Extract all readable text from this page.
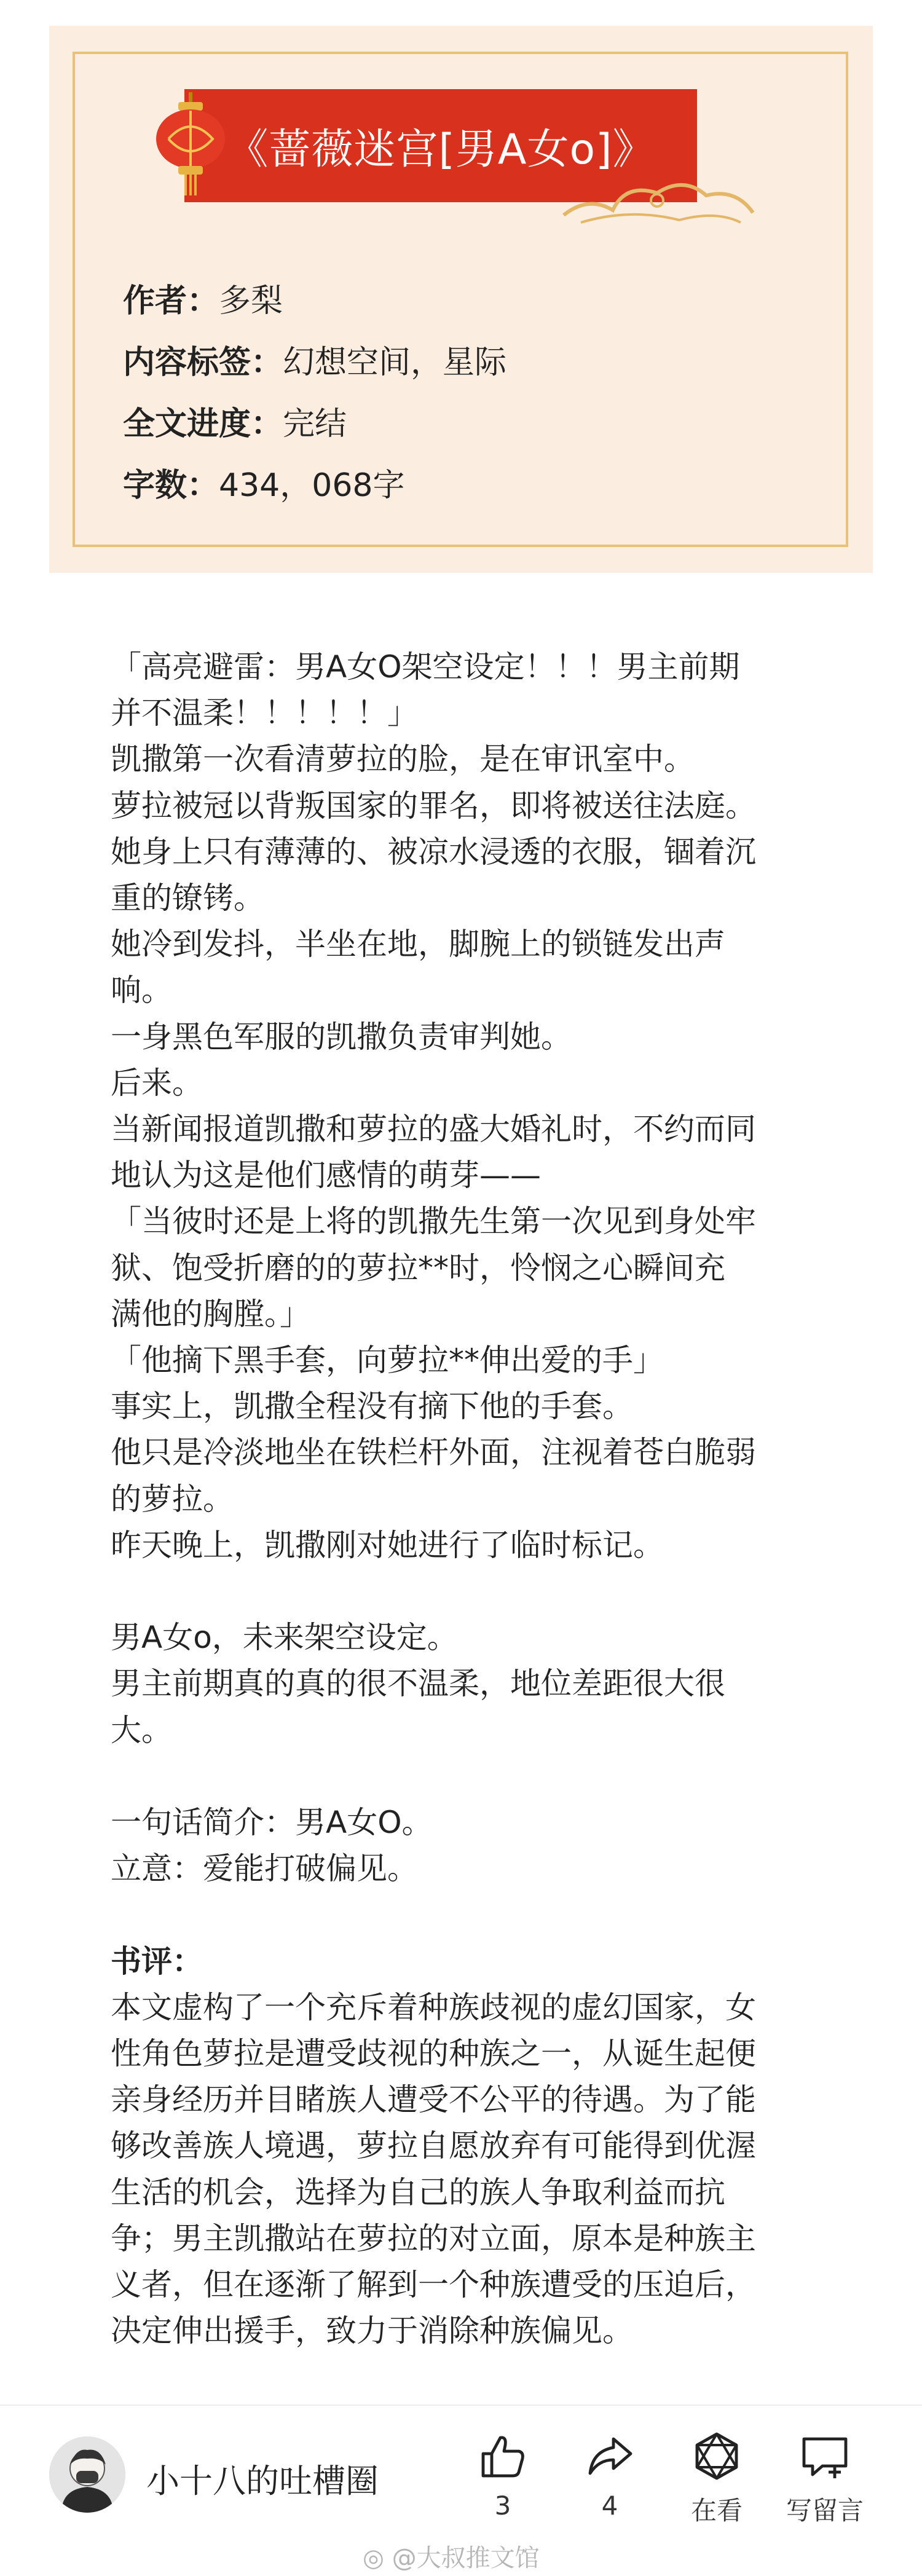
《蔷薇迷宫[男A女o]》
作者：多梨
内容标签：幻想空间，星际
全文进度：完结
字数：434，068字

「高亮避雷：男A女O架空设定！！！男主前期

并不温柔！！！！！」

凯撒第一次看清萝拉的脸，是在审讯室中。

萝拉被冠以背叛国家的罪名，即将被送往法庭。

她身上只有薄薄的、被凉水浸透的衣服，锢着沉

重的镣铐。

她冷到发抖，半坐在地，脚腕上的锁链发出声

响。

一身黑色军服的凯撒负责审判她。

后来。

当新闻报道凯撒和萝拉的盛大婚礼时，不约而同

地认为这是他们感情的萌芽——

「当彼时还是上将的凯撒先生第一次见到身处牢

狱、饱受折磨的的萝拉**时，怜悯之心瞬间充

满他的胸膛。」

「他摘下黑手套，向萝拉**伸出爱的手」

事实上，凯撒全程没有摘下他的手套。

他只是冷淡地坐在铁栏杆外面，注视着苍白脆弱

的萝拉。

昨天晚上，凯撒刚对她进行了临时标记。

男A女o，未来架空设定。

男主前期真的真的很不温柔，地位差距很大很

大。

一句话简介：男A女O。

立意：爱能打破偏见。

书评：

本文虚构了一个充斥着种族歧视的虚幻国家，女

性角色萝拉是遭受歧视的种族之一，从诞生起便

亲身经历并目睹族人遭受不公平的待遇。为了能

够改善族人境遇，萝拉自愿放弃有可能得到优渥

生活的机会，选择为自己的族人争取利益而抗

争；男主凯撒站在萝拉的对立面，原本是种族主

义者，但在逐渐了解到一个种族遭受的压迫后，

决定伸出援手，致力于消除种族偏见。

小十八的吐槽圈
3	4	在看	写留言
◎ @大叔推文馆
